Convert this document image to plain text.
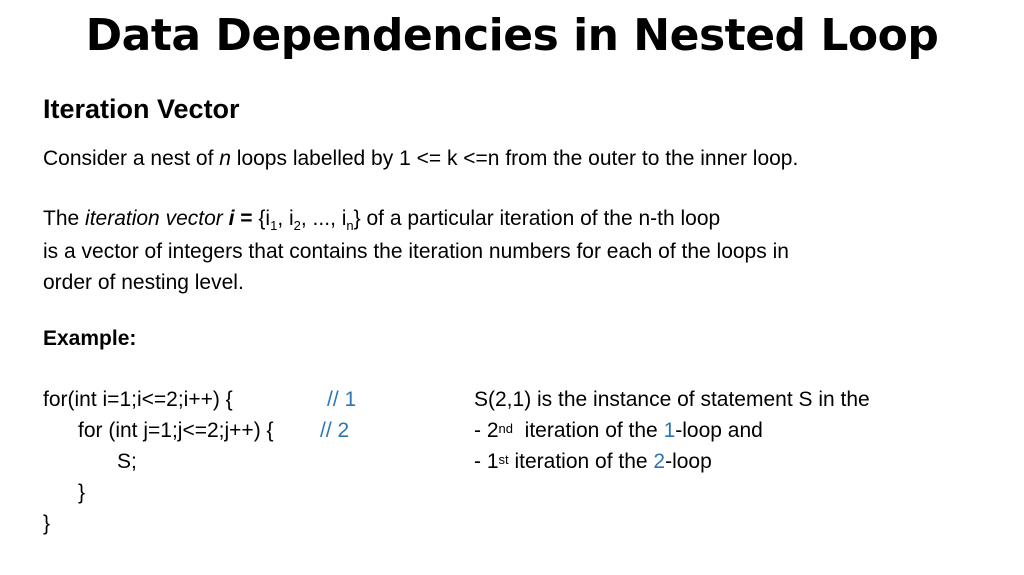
Data Dependencies in Nested Loop
Iteration Vector
Consider a nest of n loops labelled by 1 <= k <=n from the outer to the inner loop.
The iteration vector $i = \{i_1$, $i_2$, ..., $i_n$} of a particular iteration of the n-th loop
is a vector of integers that contains the iteration numbers for each of the loops in
order of nesting level.
Example:
for(int i=1;i<=2;i++) {	// 1
for (int j=1;j<=2;j++) { // 2
S;
}
}
S(2,1) is the instance of statement S in the
- 2nd  iteration of the 1-loop and
- 1st iteration of the 2-loop
